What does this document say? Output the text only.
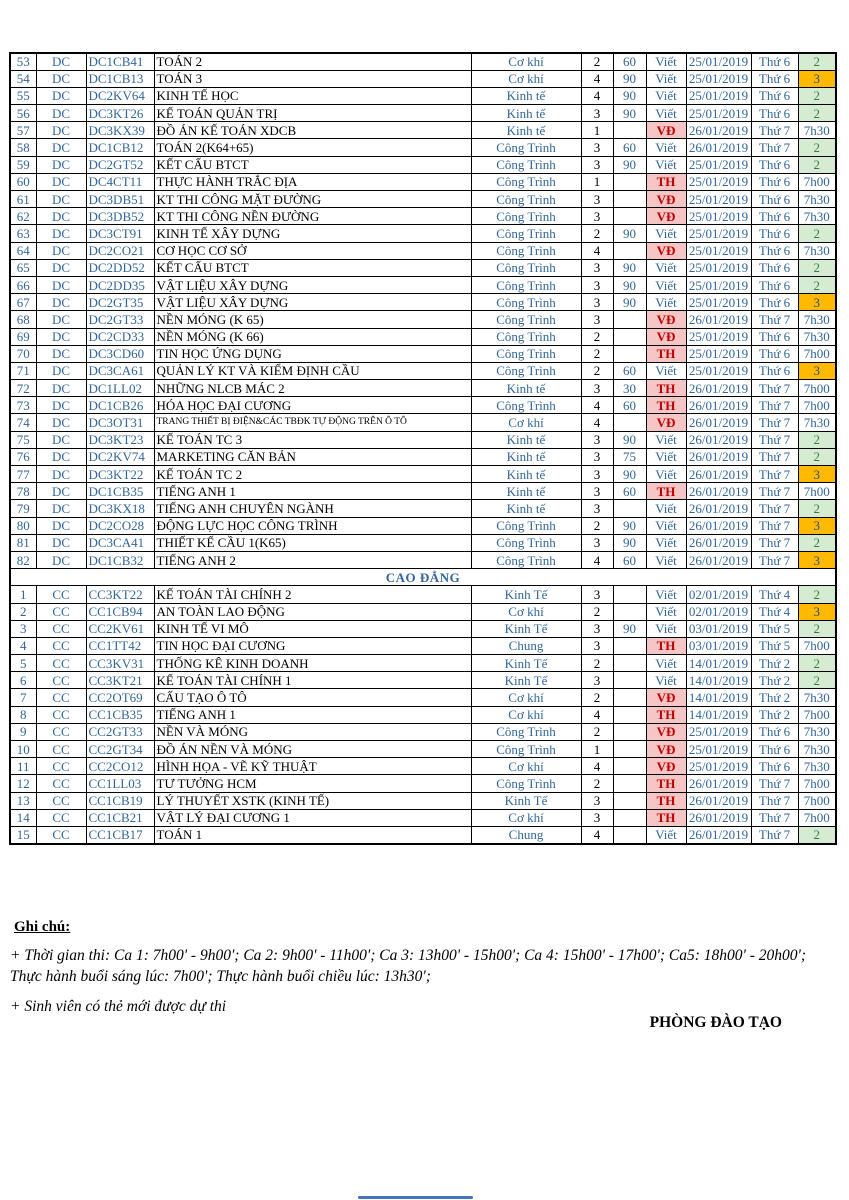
53	DC	DC1CB41	TOÁN 2	Cơ khí	2	60	Viết	25/01/2019	Thứ 6	2
54	DC	DC1CB13	TOÁN 3	Cơ khí	4	90	Viết	25/01/2019	Thứ 6	3
55	DC	DC2KV64	KINH TẾ HỌC	Kinh tế	4	90	Viết	25/01/2019	Thứ 6	2
56	DC	DC3KT26	KẾ TOÁN QUẢN TRỊ	Kinh tế	3	90	Viết	25/01/2019	Thứ 6	2
57	DC	DC3KX39	ĐỒ ÁN KẾ TOÁN XDCB	Kinh tế	1		VĐ	26/01/2019	Thứ 7	7h30
58	DC	DC1CB12	TOÁN 2(K64+65)	Công Trình	3	60	Viết	26/01/2019	Thứ 7	2
59	DC	DC2GT52	KẾT CẤU BTCT	Công Trình	3	90	Viết	25/01/2019	Thứ 6	2
60	DC	DC4CT11	THỰC HÀNH TRẮC ĐỊA	Công Trình	1		TH	25/01/2019	Thứ 6	7h00
61	DC	DC3DB51	KT THI CÔNG MẶT ĐƯỜNG	Công Trình	3		VĐ	25/01/2019	Thứ 6	7h30
62	DC	DC3DB52	KT THI CÔNG NỀN ĐƯỜNG	Công Trình	3		VĐ	25/01/2019	Thứ 6	7h30
63	DC	DC3CT91	KINH TẾ XÂY DỰNG	Công Trình	2	90	Viết	25/01/2019	Thứ 6	2
64	DC	DC2CO21	CƠ HỌC CƠ SỞ	Công Trình	4		VĐ	25/01/2019	Thứ 6	7h30
65	DC	DC2DD52	KẾT CẤU BTCT	Công Trình	3	90	Viết	25/01/2019	Thứ 6	2
66	DC	DC2DD35	VẬT LIỆU XÂY DỰNG	Công Trình	3	90	Viết	25/01/2019	Thứ 6	2
67	DC	DC2GT35	VẬT LIỆU XÂY DỰNG	Công Trình	3	90	Viết	25/01/2019	Thứ 6	3
68	DC	DC2GT33	NỀN MÓNG (K 65)	Công Trình	3		VĐ	26/01/2019	Thứ 7	7h30
69	DC	DC2CD33	NỀN MÓNG (K 66)	Công Trình	2		VĐ	25/01/2019	Thứ 6	7h30
70	DC	DC3CD60	TIN HỌC ỨNG DỤNG	Công Trình	2		TH	25/01/2019	Thứ 6	7h00
71	DC	DC3CA61	QUẢN LÝ KT VÀ KIỂM ĐỊNH CẦU	Công Trình	2	60	Viết	25/01/2019	Thứ 6	3
72	DC	DC1LL02	NHỮNG NLCB MÁC 2	Kinh tế	3	30	TH	26/01/2019	Thứ 7	7h00
73	DC	DC1CB26	HÓA HỌC ĐẠI CƯƠNG	Công Trình	4	60	TH	26/01/2019	Thứ 7	7h00
74	DC	DC3OT31	TRANG THIẾT BỊ ĐIỆN&CÁC TBĐK TỰ ĐỘNG TRÊN Ô TÔ	Cơ khí	4		VĐ	26/01/2019	Thứ 7	7h30
75	DC	DC3KT23	KẾ TOÁN TC 3	Kinh tế	3	90	Viết	26/01/2019	Thứ 7	2
76	DC	DC2KV74	MARKETING CĂN BẢN	Kinh tế	3	75	Viết	26/01/2019	Thứ 7	2
77	DC	DC3KT22	KẾ TOÁN TC 2	Kinh tế	3	90	Viết	26/01/2019	Thứ 7	3
78	DC	DC1CB35	TIẾNG ANH 1	Kinh tế	3	60	TH	26/01/2019	Thứ 7	7h00
79	DC	DC3KX18	TIẾNG ANH CHUYÊN NGÀNH	Kinh tế	3		Viết	26/01/2019	Thứ 7	2
80	DC	DC2CO28	ĐỘNG LỰC HỌC CÔNG TRÌNH	Công Trình	2	90	Viết	26/01/2019	Thứ 7	3
81	DC	DC3CA41	THIẾT KẾ CẦU 1(K65)	Công Trình	3	90	Viết	26/01/2019	Thứ 7	2
82	DC	DC1CB32	TIẾNG ANH 2	Công Trình	4	60	Viết	26/01/2019	Thứ 7	3
CAO ĐẲNG										
1	CC	CC3KT22	KẾ TOÁN TÀI CHÍNH 2	Kinh Tế	3		Viết	02/01/2019	Thứ 4	2
2	CC	CC1CB94	AN TOÀN LAO ĐỘNG	Cơ khí	2		Viết	02/01/2019	Thứ 4	3
3	CC	CC2KV61	KINH TẾ VI MÔ	Kinh Tế	3	90	Viết	03/01/2019	Thứ 5	2
4	CC	CC1TT42	TIN HỌC ĐẠI CƯƠNG	Chung	3		TH	03/01/2019	Thứ 5	7h00
5	CC	CC3KV31	THỐNG KÊ KINH DOANH	Kinh Tế	2		Viết	14/01/2019	Thứ 2	2
6	CC	CC3KT21	KẾ TOÁN TÀI CHÍNH 1	Kinh Tế	3		Viết	14/01/2019	Thứ 2	2
7	CC	CC2OT69	CẤU TẠO Ô TÔ	Cơ khí	2		VĐ	14/01/2019	Thứ 2	7h30
8	CC	CC1CB35	TIẾNG ANH 1	Cơ khí	4		TH	14/01/2019	Thứ 2	7h00
9	CC	CC2GT33	NỀN VÀ MÓNG	Công Trình	2		VĐ	25/01/2019	Thứ 6	7h30
10	CC	CC2GT34	ĐỒ ÁN NỀN VÀ MÓNG	Công Trình	1		VĐ	25/01/2019	Thứ 6	7h30
11	CC	CC2CO12	HÌNH HỌA - VẼ KỸ THUẬT	Cơ khí	4		VĐ	25/01/2019	Thứ 6	7h30
12	CC	CC1LL03	TƯ TƯỞNG HCM	Công Trình	2		TH	26/01/2019	Thứ 7	7h00
13	CC	CC1CB19	LÝ THUYẾT XSTK (KINH TẾ)	Kinh Tế	3		TH	26/01/2019	Thứ 7	7h00
14	CC	CC1CB21	VẬT LÝ ĐẠI CƯƠNG 1	Cơ khí	3		TH	26/01/2019	Thứ 7	7h00
15	CC	CC1CB17	TOÁN 1	Chung	4		Viết	26/01/2019	Thứ 7	2
Ghi chú:

+ Thời gian thi: Ca 1: 7h00' - 9h00'; Ca 2: 9h00' - 11h00'; Ca 3: 13h00' - 15h00'; Ca 4: 15h00' - 17h00'; Ca5: 18h00' - 20h00'; Thực hành buổi sáng lúc: 7h00'; Thực hành buổi chiều lúc: 13h30';

+ Sinh viên có thẻ mới được dự thi

PHÒNG ĐÀO TẠO
